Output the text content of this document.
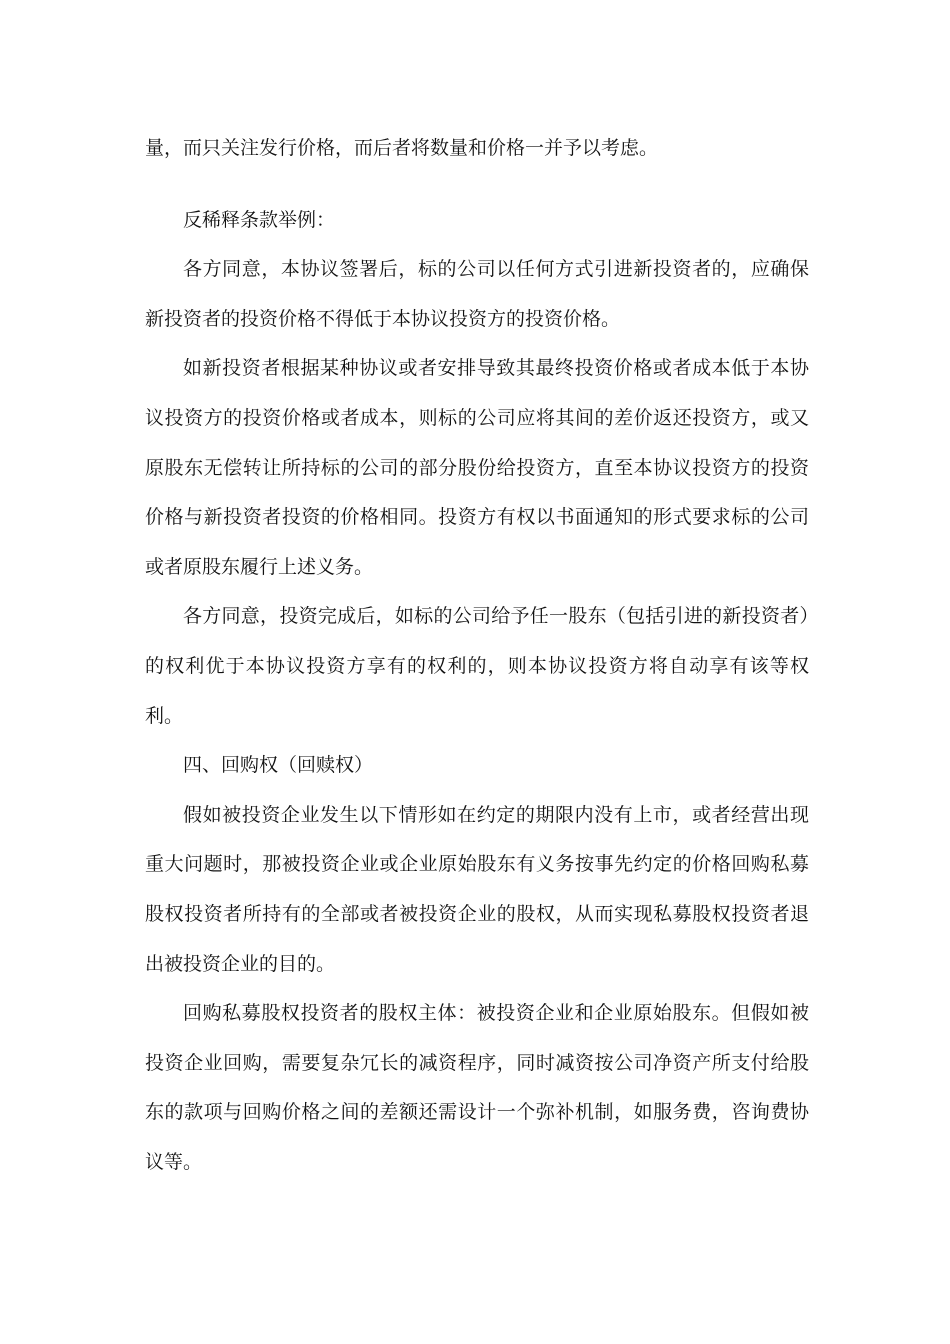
量，而只关注发行价格，而后者将数量和价格一并予以考虑。

反稀释条款举例：

各方同意，本协议签署后，标的公司以任何方式引进新投资者的，应确保新投资者的投资价格不得低于本协议投资方的投资价格。

如新投资者根据某种协议或者安排导致其最终投资价格或者成本低于本协议投资方的投资价格或者成本，则标的公司应将其间的差价返还投资方，或又原股东无偿转让所持标的公司的部分股份给投资方，直至本协议投资方的投资价格与新投资者投资的价格相同。投资方有权以书面通知的形式要求标的公司或者原股东履行上述义务。

各方同意，投资完成后，如标的公司给予任一股东（包括引进的新投资者）的权利优于本协议投资方享有的权利的，则本协议投资方将自动享有该等权利。

四、回购权（回赎权）

假如被投资企业发生以下情形如在约定的期限内没有上市，或者经营出现重大问题时，那被投资企业或企业原始股东有义务按事先约定的价格回购私募股权投资者所持有的全部或者被投资企业的股权，从而实现私募股权投资者退出被投资企业的目的。

回购私募股权投资者的股权主体：被投资企业和企业原始股东。但假如被投资企业回购，需要复杂冗长的减资程序，同时减资按公司净资产所支付给股东的款项与回购价格之间的差额还需设计一个弥补机制，如服务费，咨询费协议等。
